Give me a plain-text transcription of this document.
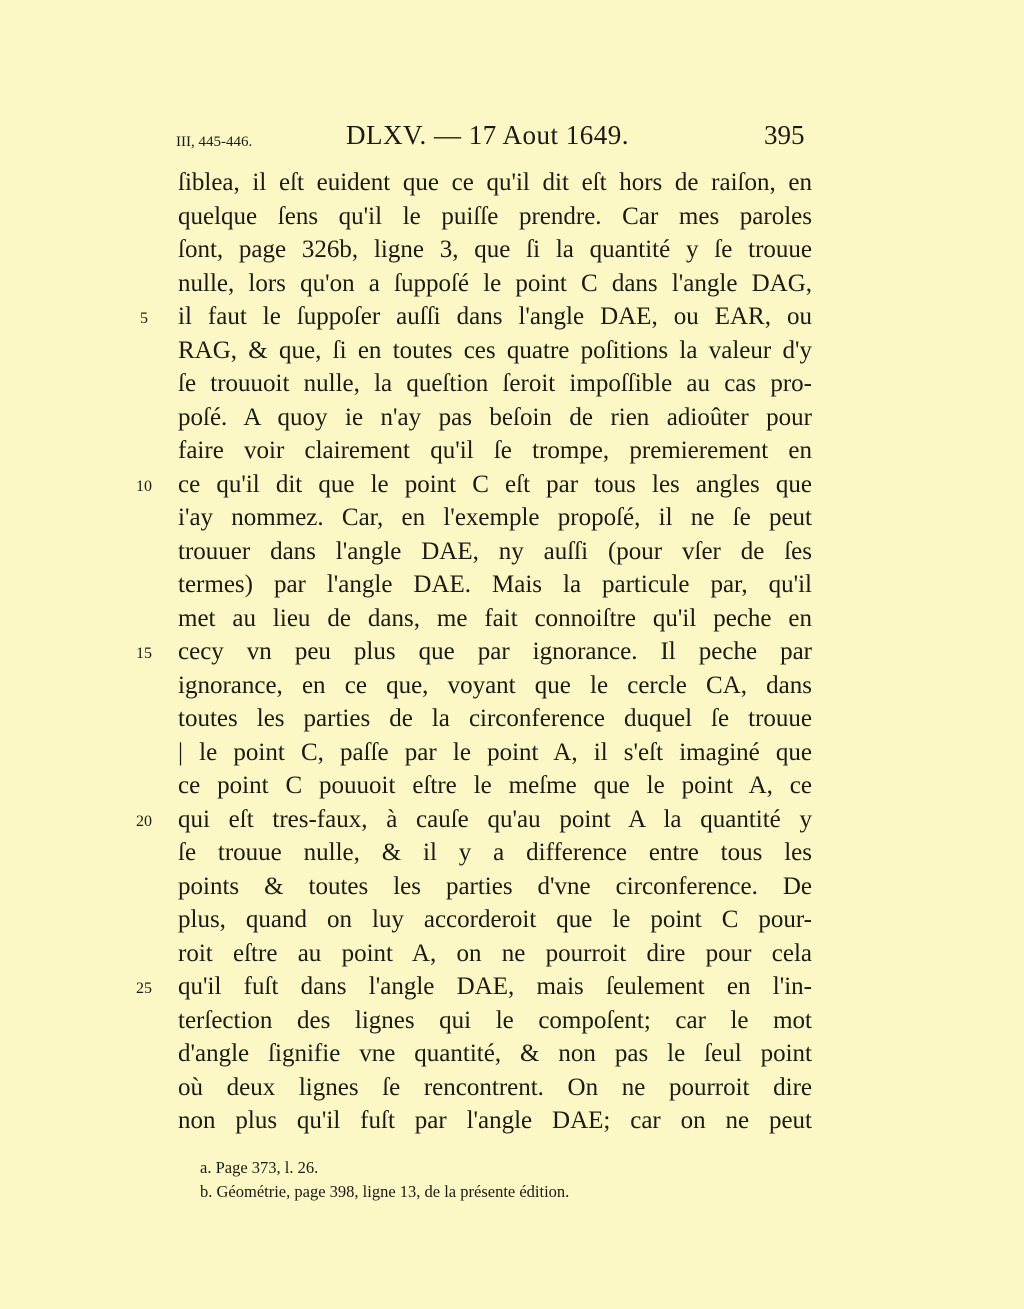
III, 445-446.	DLXV. — 17 Aout 1649.	395
ſiblea, il eſt euident que ce qu'il dit eſt hors de raiſon, en
quelque ſens qu'il le puiſſe prendre. Car mes paroles
ſont, page 326b, ligne 3, que ſi la quantité y ſe trouue
nulle, lors qu'on a ſuppoſé le point C dans l'angle DAG,
5	il faut le ſuppoſer auſſi dans l'angle DAE, ou EAR, ou
RAG, & que, ſi en toutes ces quatre poſitions la valeur d'y
ſe trouuoit nulle, la queſtion ſeroit impoſſible au cas pro-
poſé. A quoy ie n'ay pas beſoin de rien adioûter pour
faire voir clairement qu'il ſe trompe, premierement en
10 ce qu'il dit que le point C eſt par tous les angles que
i'ay nommez. Car, en l'exemple propoſé, il ne ſe peut
trouuer dans l'angle DAE, ny auſſi (pour vſer de ſes
termes) par l'angle DAE. Mais la particule par, qu'il
met au lieu de dans, me fait connoiſtre qu'il peche en
15 cecy vn peu plus que par ignorance. Il peche par
ignorance, en ce que, voyant que le cercle CA, dans
toutes les parties de la circonference duquel ſe trouue
| le point C, paſſe par le point A, il s'eſt imaginé que
ce point C pouuoit eſtre le meſme que le point A, ce
20 qui eſt tres-faux, à cauſe qu'au point A la quantité y
ſe trouue nulle, & il y a difference entre tous les
points & toutes les parties d'vne circonference. De
plus, quand on luy accorderoit que le point C pour-
roit eſtre au point A, on ne pourroit dire pour cela
25 qu'il fuſt dans l'angle DAE, mais ſeulement en l'in-
terſection des lignes qui le compoſent; car le mot
d'angle ſignifie vne quantité, & non pas le ſeul point
où deux lignes ſe rencontrent. On ne pourroit dire
non plus qu'il fuſt par l'angle DAE; car on ne peut
a. Page 373, l. 26.
b. Géométrie, page 398, ligne 13, de la présente édition.
